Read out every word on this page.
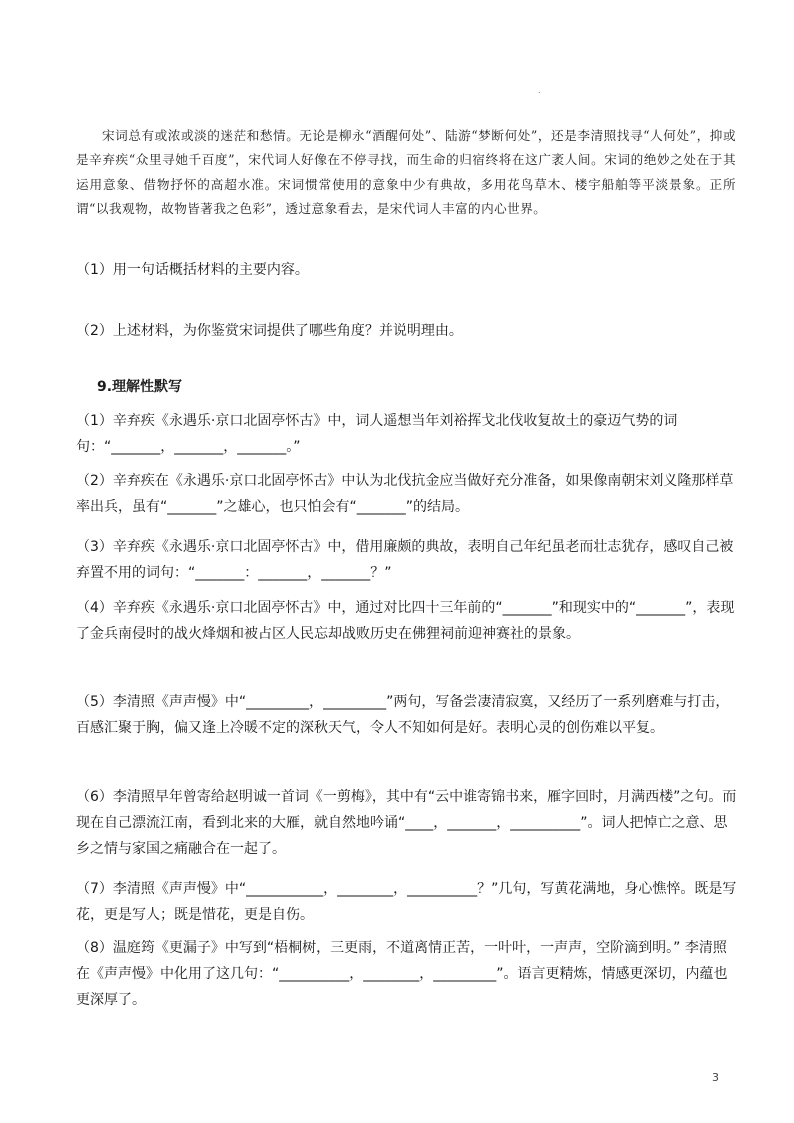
.

宋词总有或浓或淡的迷茫和愁情。无论是柳永“酒醒何处”、陆游“梦断何处”，还是李清照找寻“人何处”，抑或是辛弃疾“众里寻她千百度”，宋代词人好像在不停寻找，而生命的归宿终将在这广袤人间。宋词的绝妙之处在于其运用意象、借物抒怀的高超水准。宋词惯常使用的意象中少有典故，多用花鸟草木、楼宇船舶等平淡景象。正所谓“以我观物，故物皆著我之色彩”，透过意象看去，是宋代词人丰富的内心世界。

（1）用一句话概括材料的主要内容。
（2）上述材料，为你鉴赏宋词提供了哪些角度？并说明理由。
9.理解性默写

（1）辛弃疾《永遇乐·京口北固亭怀古》中，词人遥想当年刘裕挥戈北伐收复故土的豪迈气势的词句：“_______，_______，_______。”

（2）辛弃疾在《永遇乐·京口北固亭怀古》中认为北伐抗金应当做好充分准备，如果像南朝宋刘义隆那样草率出兵，虽有“_______”之雄心，也只怕会有“_______”的结局。

（3）辛弃疾《永遇乐·京口北固亭怀古》中，借用廉颇的典故，表明自己年纪虽老而壮志犹存，感叹自己被弃置不用的词句：“_______：_______，_______？”

（4）辛弃疾《永遇乐·京口北固亭怀古》中，通过对比四十三年前的“_______”和现实中的“_______”，表现了金兵南侵时的战火烽烟和被占区人民忘却战败历史在佛狸祠前迎神赛社的景象。

（5）李清照《声声慢》中“_________，_________”两句，写备尝凄清寂寞，又经历了一系列磨难与打击，百感汇聚于胸，偏又逢上冷暖不定的深秋天气，令人不知如何是好。表明心灵的创伤难以平复。

（6）李清照早年曾寄给赵明诚一首词《一剪梅》，其中有“云中谁寄锦书来，雁字回时，月满西楼”之句。而现在自己漂流江南，看到北来的大雁，就自然地吟诵“____，_______，__________”。词人把悼亡之意、思乡之情与家国之痛融合在一起了。

（7）李清照《声声慢》中“___________，________，__________？”几句，写黄花满地，身心憔悴。既是写花，更是写人；既是惜花，更是自伤。

（8）温庭筠《更漏子》中写到“梧桐树，三更雨，不道离情正苦，一叶叶，一声声，空阶滴到明。” 李清照在《声声慢》中化用了这几句：“__________，________，_________”。语言更精炼，情感更深切，内蕴也更深厚了。

3
